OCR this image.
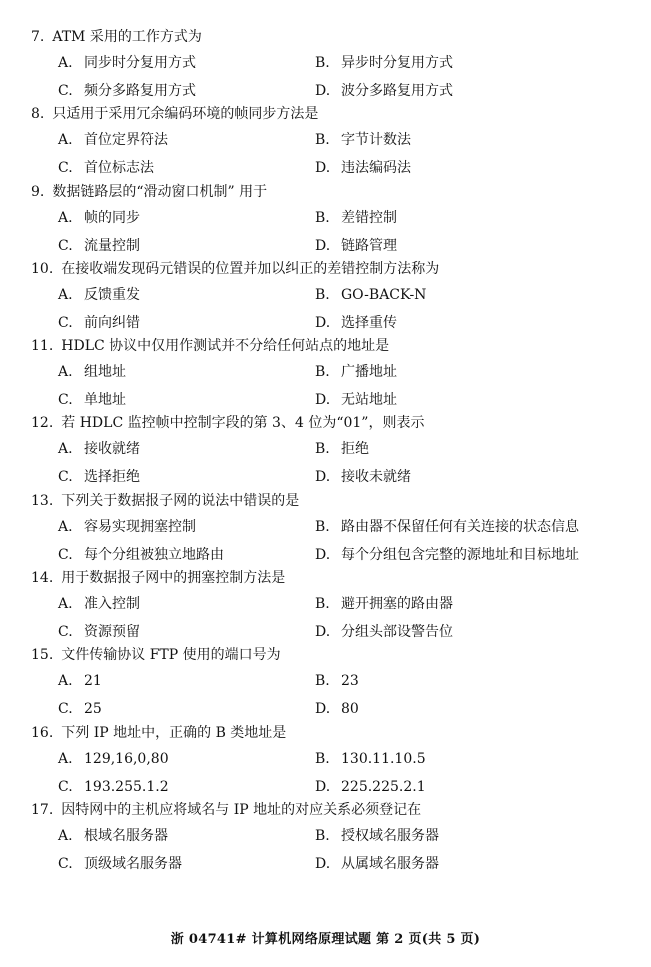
7. ATM 采用的工作方式为
A. 同步时分复用方式	B. 异步时分复用方式
C. 频分多路复用方式	D. 波分多路复用方式
8. 只适用于采用冗余编码环境的帧同步方法是
A. 首位定界符法	B. 字节计数法
C. 首位标志法	D. 违法编码法
9. 数据链路层的“滑动窗口机制” 用于
A. 帧的同步	B. 差错控制
C. 流量控制	D. 链路管理
10. 在接收端发现码元错误的位置并加以纠正的差错控制方法称为
A. 反馈重发	B. GO-BACK-N
C. 前向纠错	D. 选择重传
11. HDLC 协议中仅用作测试并不分给任何站点的地址是
A. 组地址	B. 广播地址
C. 单地址	D. 无站地址
12. 若 HDLC 监控帧中控制字段的第 3、4 位为“01”，则表示
A. 接收就绪	B. 拒绝
C. 选择拒绝	D. 接收未就绪
13. 下列关于数据报子网的说法中错误的是
A. 容易实现拥塞控制	B. 路由器不保留任何有关连接的状态信息
C. 每个分组被独立地路由	D. 每个分组包含完整的源地址和目标地址
14. 用于数据报子网中的拥塞控制方法是
A. 准入控制	B. 避开拥塞的路由器
C. 资源预留	D. 分组头部设警告位
15. 文件传输协议 FTP 使用的端口号为
A. 21	B. 23
C. 25	D. 80
16. 下列 IP 地址中，正确的 B 类地址是
A. 129,16,0,80	B. 130.11.10.5
C. 193.255.1.2	D. 225.225.2.1
17. 因特网中的主机应将域名与 IP 地址的对应关系必须登记在
A. 根域名服务器	B. 授权域名服务器
C. 顶级域名服务器	D. 从属域名服务器
浙 04741# 计算机网络原理试题 第 2 页(共 5 页)
